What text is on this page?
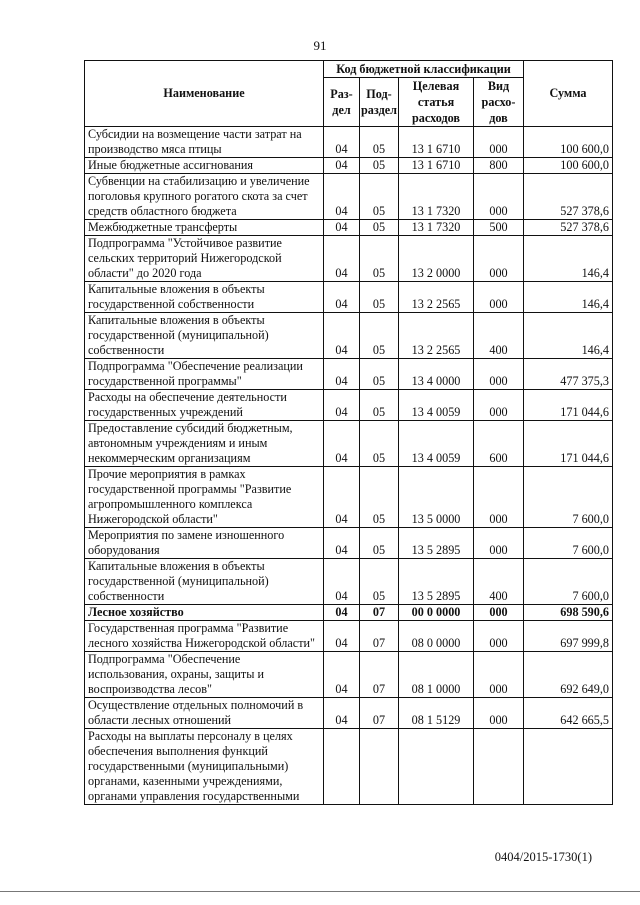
91
Наименование	Код бюджетной классификации				Сумма
	Раз-дел	Под-раздел	Целевая статья расходов	Вид расхо-дов	
Субсидии на возмещение части затрат на производство мяса птицы	04	05	13 1 6710	000	100 600,0
Иные бюджетные ассигнования	04	05	13 1 6710	800	100 600,0
Субвенции на стабилизацию и увеличение поголовья крупного рогатого скота за счет средств областного бюджета	04	05	13 1 7320	000	527 378,6
Межбюджетные трансферты	04	05	13 1 7320	500	527 378,6
Подпрограмма "Устойчивое развитие сельских территорий Нижегородской области" до 2020 года	04	05	13 2 0000	000	146,4
Капитальные вложения в объекты государственной собственности	04	05	13 2 2565	000	146,4
Капитальные вложения в объекты государственной (муниципальной) собственности	04	05	13 2 2565	400	146,4
Подпрограмма "Обеспечение реализации государственной программы"	04	05	13 4 0000	000	477 375,3
Расходы на обеспечение деятельности государственных учреждений	04	05	13 4 0059	000	171 044,6
Предоставление субсидий бюджетным, автономным учреждениям и иным некоммерческим организациям	04	05	13 4 0059	600	171 044,6
Прочие мероприятия в рамках государственной программы "Развитие агропромышленного комплекса Нижегородской области"	04	05	13 5 0000	000	7 600,0
Мероприятия по замене изношенного оборудования	04	05	13 5 2895	000	7 600,0
Капитальные вложения в объекты государственной (муниципальной) собственности	04	05	13 5 2895	400	7 600,0
Лесное хозяйство	04	07	00 0 0000	000	698 590,6
Государственная программа "Развитие лесного хозяйства Нижегородской области"	04	07	08 0 0000	000	697 999,8
Подпрограмма "Обеспечение использования, охраны, защиты и воспроизводства лесов"	04	07	08 1 0000	000	692 649,0
Осуществление отдельных полномочий в области лесных отношений	04	07	08 1 5129	000	642 665,5
Расходы на выплаты персоналу в целях обеспечения выполнения функций государственными (муниципальными) органами, казенными учреждениями, органами управления государственными					
0404/2015-1730(1)
